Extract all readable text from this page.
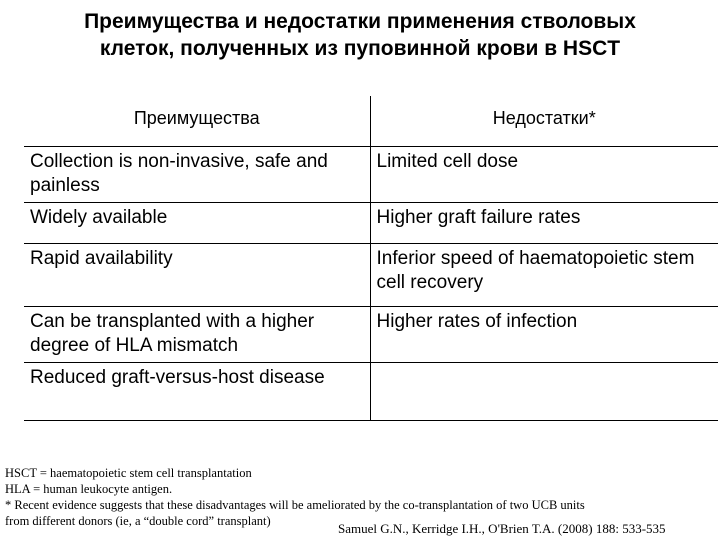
Преимущества и недостатки применения стволовых
клеток, полученных из пуповинной крови в HSCT
Преимущества	Недостатки*
Collection is non-invasive, safe and painless	Limited cell dose
Widely available	Higher graft failure rates
Rapid availability	Inferior speed of haematopoietic stem cell recovery
Can be transplanted with a higher degree of HLA mismatch	Higher rates of infection
Reduced graft-versus-host disease	
HSCT = haematopoietic stem cell transplantation
HLA = human leukocyte antigen.
* Recent evidence suggests that these disadvantages will be ameliorated by the co-transplantation of two UCB units
from different donors (ie, a “double cord” transplant)	Samuel G.N., Kerridge I.H., O'Brien T.A. (2008) 188: 533-535
